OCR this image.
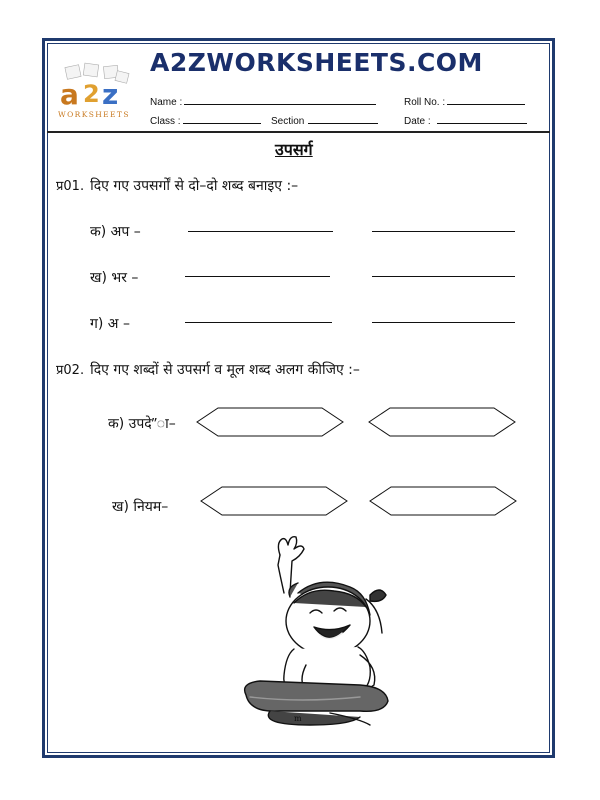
a 2 z
WORKSHEETS
A2ZWORKSHEETS.COM
Name :	Roll No. :
Class :	Section	Date :
उपसर्ग
प्र01. दिए गए उपसर्गों से दो–दो शब्द बनाइए :–
क) अप –
ख) भर –
ग) अ –
प्र02. दिए गए शब्दों से उपसर्ग व मूल शब्द अलग कीजिए :–
क) उपदे”ा–
ख) नियम–
m
